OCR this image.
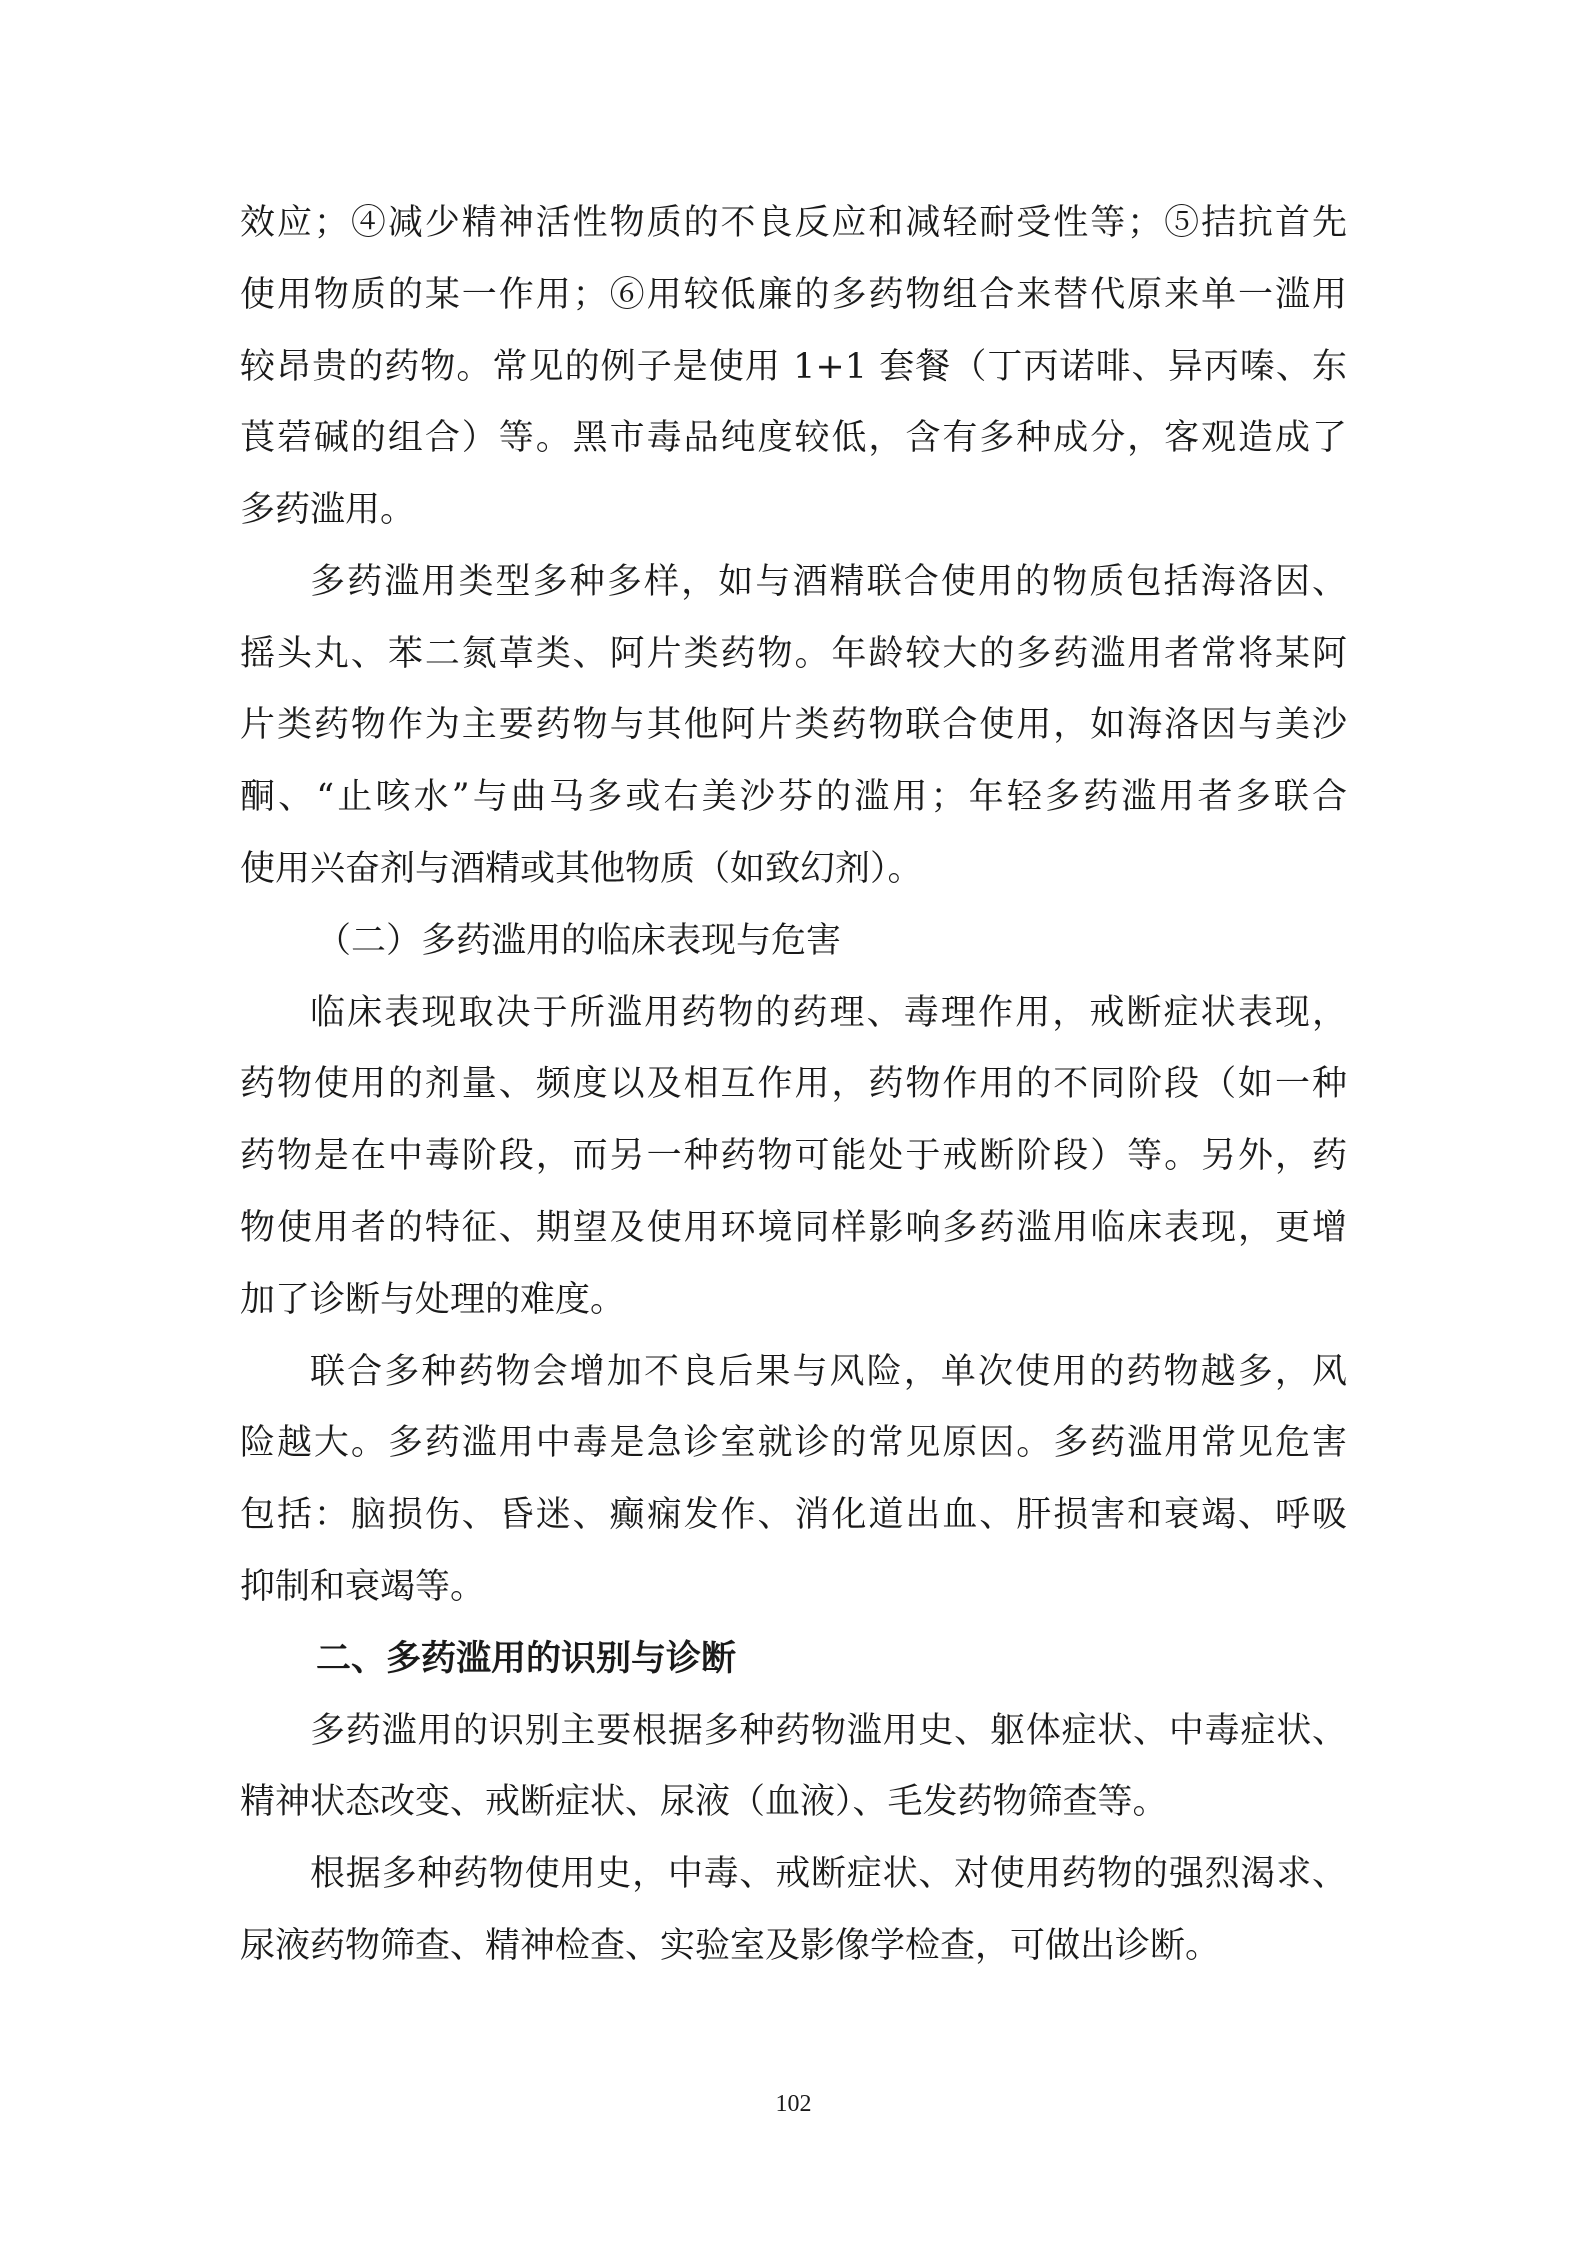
效应；④减少精神活性物质的不良反应和减轻耐受性等；⑤拮抗首先
使用物质的某一作用；⑥用较低廉的多药物组合来替代原来单一滥用
较昂贵的药物。常见的例子是使用 1+1 套餐（丁丙诺啡、异丙嗪、东
莨菪碱的组合）等。黑市毒品纯度较低，含有多种成分，客观造成了
多药滥用。
多药滥用类型多种多样，如与酒精联合使用的物质包括海洛因、
摇头丸、苯二氮䓬类、阿片类药物。年龄较大的多药滥用者常将某阿
片类药物作为主要药物与其他阿片类药物联合使用，如海洛因与美沙
酮、“止咳水”与曲马多或右美沙芬的滥用；年轻多药滥用者多联合
使用兴奋剂与酒精或其他物质（如致幻剂）。
（二）多药滥用的临床表现与危害
临床表现取决于所滥用药物的药理、毒理作用，戒断症状表现，
药物使用的剂量、频度以及相互作用，药物作用的不同阶段（如一种
药物是在中毒阶段，而另一种药物可能处于戒断阶段）等。另外，药
物使用者的特征、期望及使用环境同样影响多药滥用临床表现，更增
加了诊断与处理的难度。
联合多种药物会增加不良后果与风险，单次使用的药物越多，风
险越大。多药滥用中毒是急诊室就诊的常见原因。多药滥用常见危害
包括：脑损伤、昏迷、癫痫发作、消化道出血、肝损害和衰竭、呼吸
抑制和衰竭等。
二、多药滥用的识别与诊断
多药滥用的识别主要根据多种药物滥用史、躯体症状、中毒症状、
精神状态改变、戒断症状、尿液（血液）、毛发药物筛查等。
根据多种药物使用史，中毒、戒断症状、对使用药物的强烈渴求、
尿液药物筛查、精神检查、实验室及影像学检查，可做出诊断。
102
